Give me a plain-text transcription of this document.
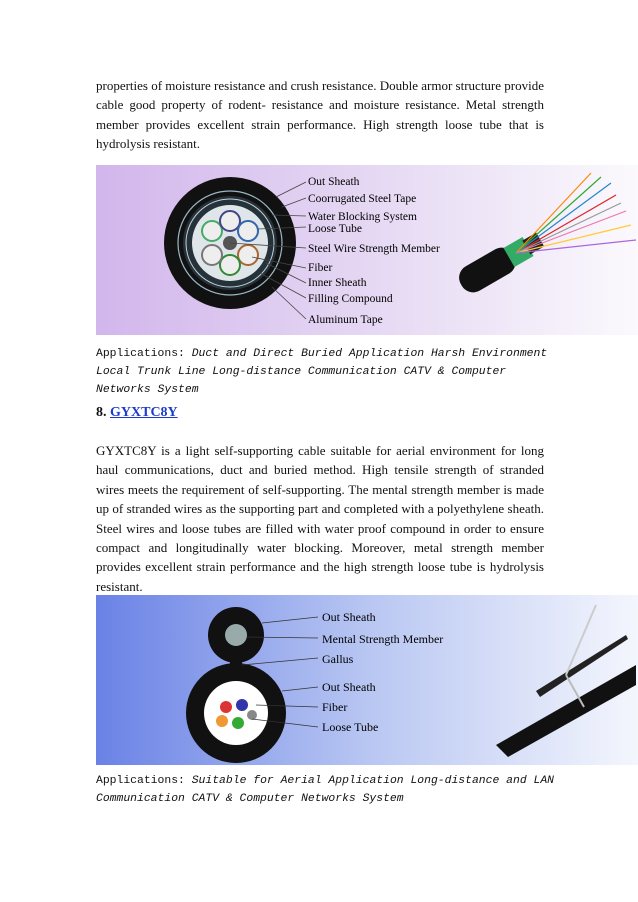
properties of moisture resistance and crush resistance. Double armor structure provide cable good property of rodent- resistance and moisture resistance. Metal strength member provides excellent strain performance. High strength loose tube that is hydrolysis resistant.

Out Sheath
Coorrugated Steel Tape
Water Blocking System
Loose Tube
Steel Wire Strength Member
Fiber
Inner Sheath
Filling Compound
Aluminum Tape

Applications: Duct and Direct Buried Application Harsh Environment Local Trunk Line Long-distance Communication CATV & Computer Networks System

8. GYXTC8Y

GYXTC8Y is a light self-supporting cable suitable for aerial environment for long haul communications, duct and buried method. High tensile strength of stranded wires meets the requirement of self-supporting. The mental strength member is made up of stranded wires as the supporting part and completed with a polyethylene sheath. Steel wires and loose tubes are filled with water proof compound in order to ensure compact and longitudinally water blocking. Moreover, metal strength member provides excellent strain performance and the high strength loose tube is hydrolysis resistant.

Out Sheath
Mental Strength Member
Gallus
Out Sheath
Fiber
Loose Tube

Applications: Suitable for Aerial Application Long-distance and LAN Communication CATV & Computer Networks System
